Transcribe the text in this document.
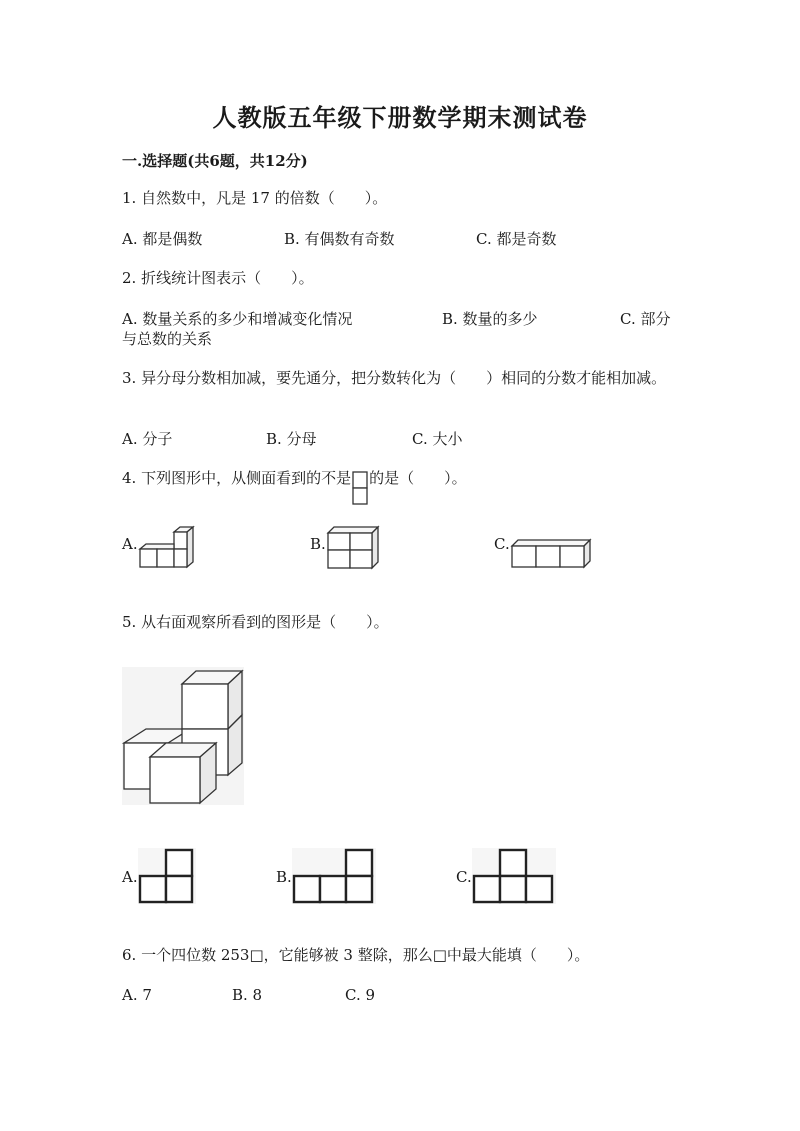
人教版五年级下册数学期末测试卷
一.选择题(共6题，共12分)
1. 自然数中，凡是 17 的倍数（　　）。
A. 都是偶数	B. 有偶数有奇数	C. 都是奇数
2. 折线统计图表示（　　）。
A. 数量关系的多少和增减变化情况	B. 数量的多少	C. 部分
与总数的关系
3. 异分母分数相加减，要先通分，把分数转化为（　　）相同的分数才能相加减。
A. 分子	B. 分母	C. 大小
4. 下列图形中，从侧面看到的不是 的是（　　）。
A.	B.	C.
5. 从右面观察所看到的图形是（　　）。
A.	B.	C.
6. 一个四位数 253□，它能够被 3 整除，那么□中最大能填（　　）。
A. 7	B. 8	C. 9
